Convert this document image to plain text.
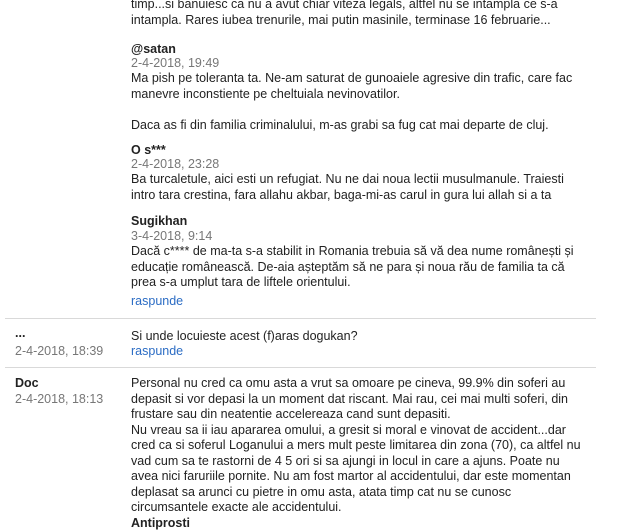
timp...si banuiesc ca nu a avut chiar viteza legals, altfel nu se intampla ce s-a
intampla. Rares iubea trenurile, mai putin masinile, terminase 16 februarie...
@satan
2-4-2018, 19:49
Ma pish pe toleranta ta. Ne-am saturat de gunoaiele agresive din trafic, care fac
manevre inconstiente pe cheltuiala nevinovatilor.
Daca as fi din familia criminalului, m-as grabi sa fug cat mai departe de cluj.
O s***
2-4-2018, 23:28
Ba turcaletule, aici esti un refugiat. Nu ne dai noua lectii musulmanule. Traiesti
intro tara crestina, fara allahu akbar, baga-mi-as carul in gura lui allah si a ta
Sugikhan
3-4-2018, 9:14
Dacă c**** de ma-ta s-a stabilit in Romania trebuia să vă dea nume românești și
educație românească. De-aia așteptăm să ne para și noua rău de familia ta că
prea s-a umplut tara de liftele orientului.
raspunde
...
2-4-2018, 18:39
Si unde locuieste acest (f)aras dogukan?
raspunde
Doc
2-4-2018, 18:13
Personal nu cred ca omu asta a vrut sa omoare pe cineva, 99.9% din soferi au
depasit si vor depasi la un moment dat riscant. Mai rau, cei mai multi soferi, din
frustare sau din neatentie accelereaza cand sunt depasiti.
Nu vreau sa ii iau apararea omului, a gresit si moral e vinovat de accident...dar
cred ca si soferul Loganului a mers mult peste limitarea din zona (70), ca altfel nu
vad cum sa te rastorni de 4 5 ori si sa ajungi in locul in care a ajuns. Poate nu
avea nici faruriile pornite. Nu am fost martor al accidentului, dar este momentan
deplasat sa arunci cu pietre in omu asta, atata timp cat nu se cunosc
circumsantele exacte ale accidentului.
Antiprosti
